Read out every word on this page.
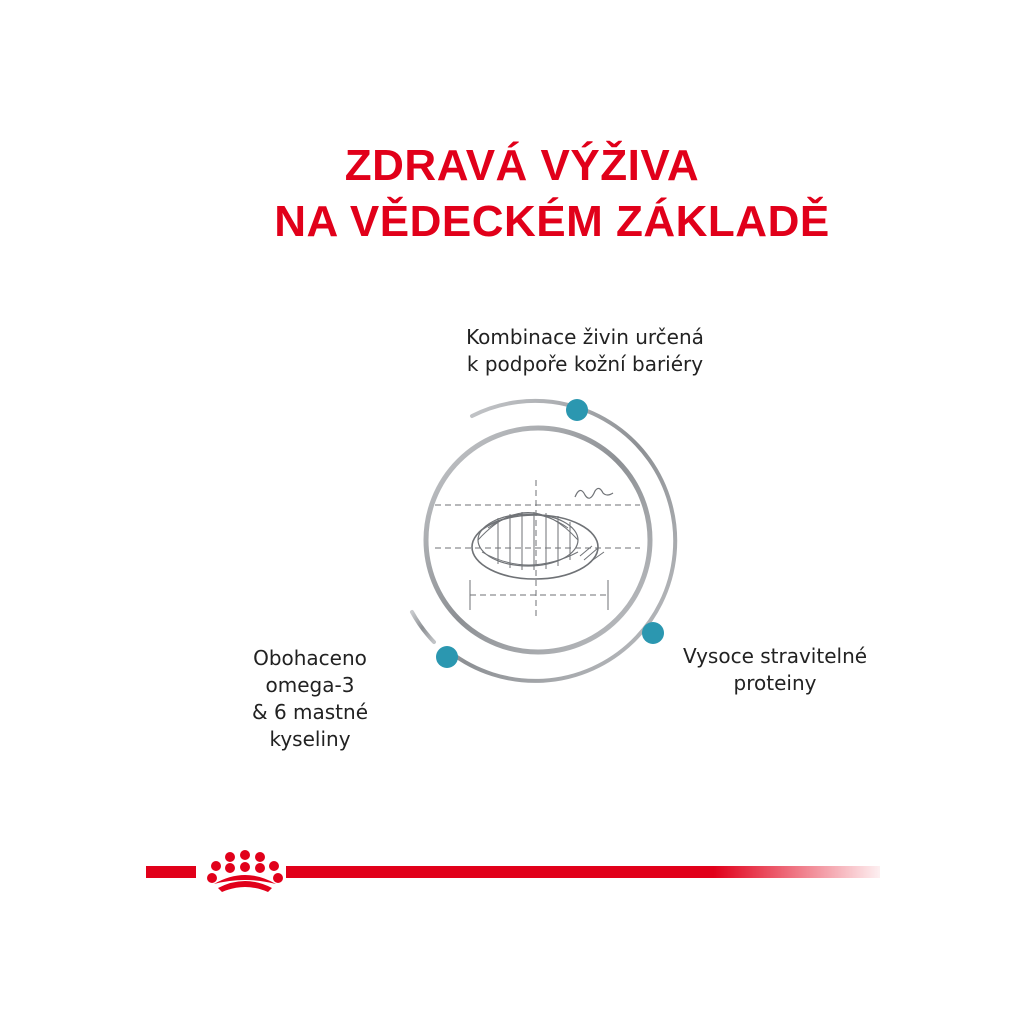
ZDRAVÁ VÝŽIVA
NA VĚDECKÉM ZÁKLADĚ

Kombinace živin určená
k podpoře kožní bariéry

Vysoce stravitelné
proteiny

Obohaceno
omega-3
& 6 mastné
kyseliny
